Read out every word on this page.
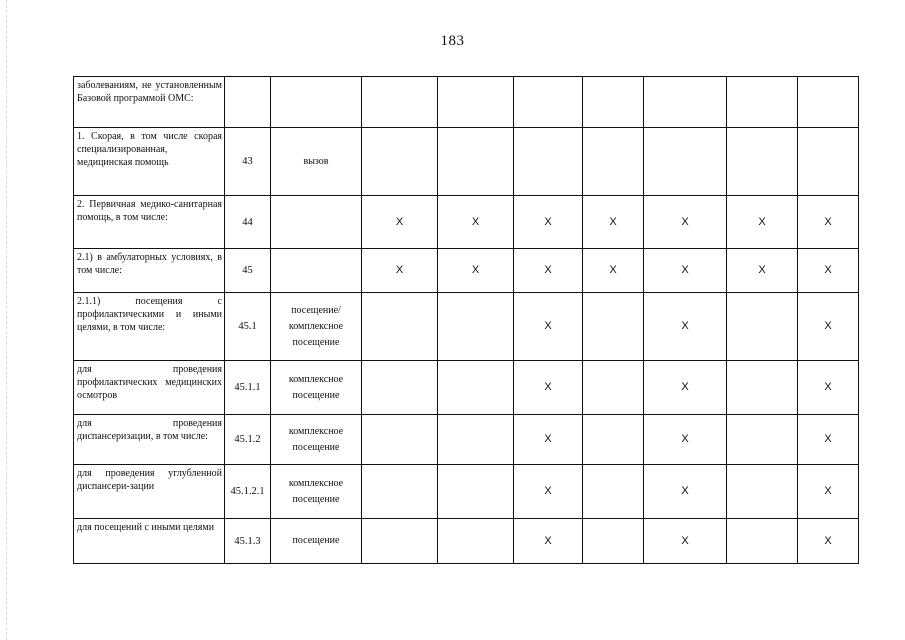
183
заболеваниям, не установленным Базовой программой ОМС:									
1. Скорая, в том числе скорая специализированная, медицинская помощь	43	вызов							
2. Первичная медико-санитарная помощь, в том числе:	44		X	X	X	X	X	X	X
2.1) в амбулаторных условиях, в том числе:	45		X	X	X	X	X	X	X
2.1.1) посещения с профилактическими и иными целями, в том числе:	45.1	посещение/ комплексное посещение			X		X		X
для проведения профилактических медицинских осмотров	45.1.1	комплексное посещение			X		X		X
для проведения диспансеризации, в том числе:	45.1.2	комплексное посещение			X		X		X
для проведения углубленной диспансери-зации	45.1.2.1	комплексное посещение			X		X		X
для посещений с иными целями	45.1.3	посещение			X		X		X
